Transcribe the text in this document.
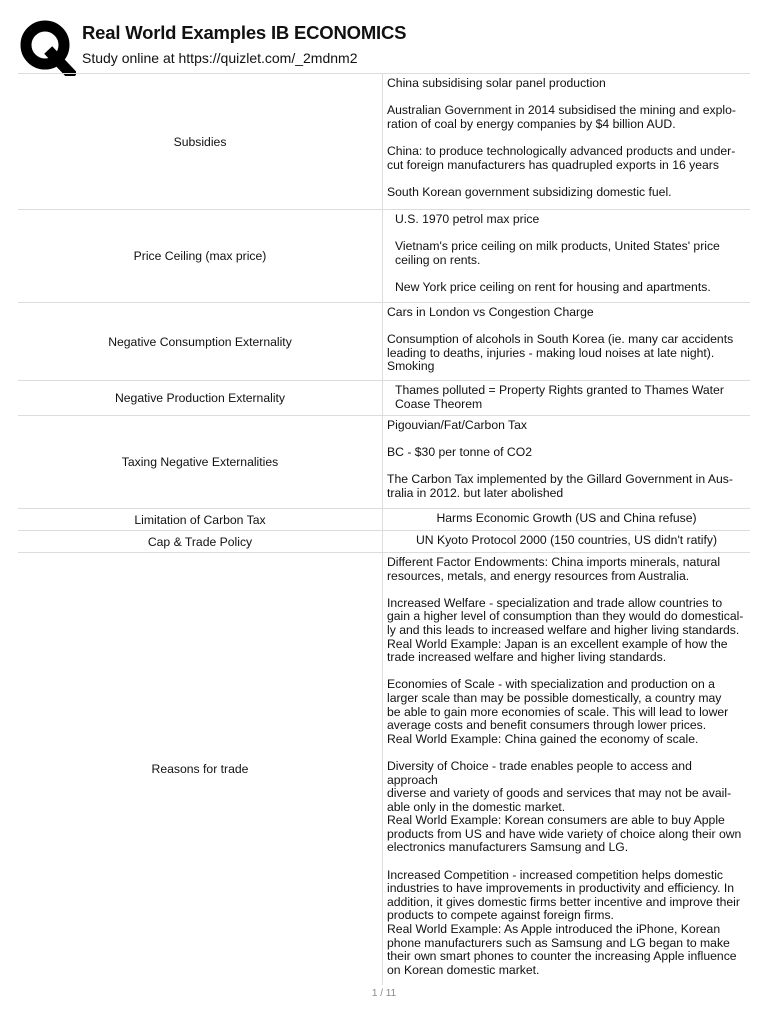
Real World Examples IB ECONOMICS
Study online at https://quizlet.com/_2mdnm2
Subsidies

China subsidising solar panel production

Australian Government in 2014 subsidised the mining and explo-
ration of coal by energy companies by $4 billion AUD.

China: to produce technologically advanced products and under-
cut foreign manufacturers has quadrupled exports in 16 years

South Korean government subsidizing domestic fuel.

Price Ceiling (max price)

U.S. 1970 petrol max price

Vietnam's price ceiling on milk products, United States' price
ceiling on rents.

New York price ceiling on rent for housing and apartments.

Negative Consumption Externality

Cars in London vs Congestion Charge

Consumption of alcohols in South Korea (ie. many car accidents
leading to deaths, injuries - making loud noises at late night).
Smoking

Negative Production Externality

Thames polluted = Property Rights granted to Thames Water
Coase Theorem

Taxing Negative Externalities

Pigouvian/Fat/Carbon Tax

BC - $30 per tonne of CO2

The Carbon Tax implemented by the Gillard Government in Aus-
tralia in 2012. but later abolished

Limitation of Carbon Tax	Harms Economic Growth (US and China refuse)

Cap & Trade Policy	UN Kyoto Protocol 2000 (150 countries, US didn't ratify)

Reasons for trade

Different Factor Endowments: China imports minerals, natural
resources, metals, and energy resources from Australia.

Increased Welfare - specialization and trade allow countries to
gain a higher level of consumption than they would do domestical-
ly and this leads to increased welfare and higher living standards.
Real World Example: Japan is an excellent example of how the
trade increased welfare and higher living standards.

Economies of Scale - with specialization and production on a
larger scale than may be possible domestically, a country may
be able to gain more economies of scale. This will lead to lower
average costs and benefit consumers through lower prices.
Real World Example: China gained the economy of scale.

Diversity of Choice - trade enables people to access and approach
diverse and variety of goods and services that may not be avail-
able only in the domestic market.
Real World Example: Korean consumers are able to buy Apple
products from US and have wide variety of choice along their own
electronics manufacturers Samsung and LG.

Increased Competition - increased competition helps domestic
industries to have improvements in productivity and efficiency. In
addition, it gives domestic firms better incentive and improve their
products to compete against foreign firms.
Real World Example: As Apple introduced the iPhone, Korean
phone manufacturers such as Samsung and LG began to make
their own smart phones to counter the increasing Apple influence
on Korean domestic market.

1 / 11
